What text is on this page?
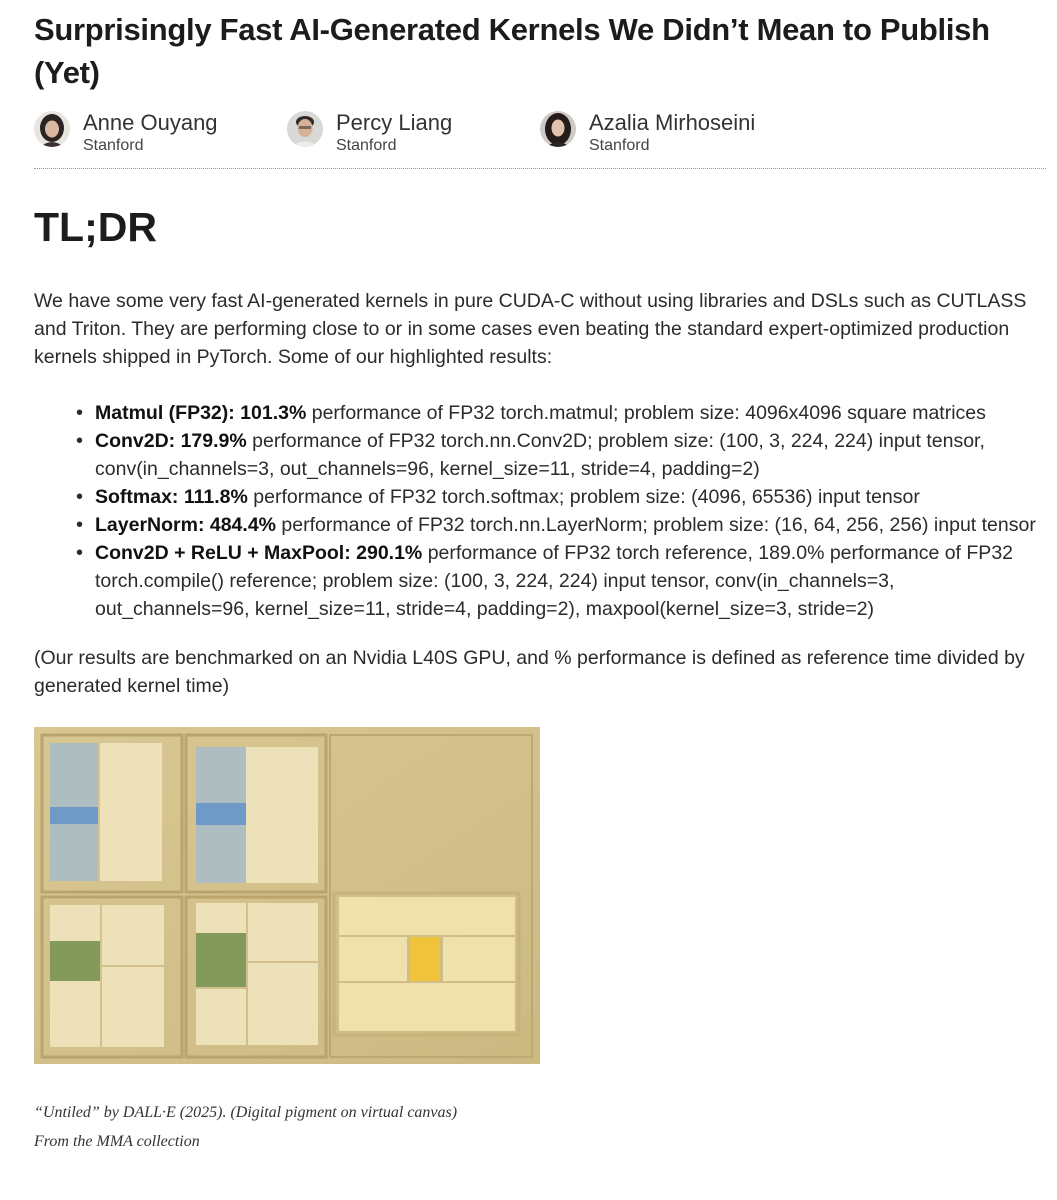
Surprisingly Fast AI-Generated Kernels We Didn’t Mean to Publish (Yet)
Anne Ouyang
Stanford
Percy Liang
Stanford
Azalia Mirhoseini
Stanford
TL;DR

We have some very fast AI-generated kernels in pure CUDA-C without using libraries and DSLs such as CUTLASS and Triton. They are performing close to or in some cases even beating the standard expert-optimized production kernels shipped in PyTorch. Some of our highlighted results:

• Matmul (FP32): 101.3% performance of FP32 torch.matmul; problem size: 4096x4096 square matrices
• Conv2D: 179.9% performance of FP32 torch.nn.Conv2D; problem size: (100, 3, 224, 224) input tensor, conv(in_channels=3, out_channels=96, kernel_size=11, stride=4, padding=2)
• Softmax: 111.8% performance of FP32 torch.softmax; problem size: (4096, 65536) input tensor
• LayerNorm: 484.4% performance of FP32 torch.nn.LayerNorm; problem size: (16, 64, 256, 256) input tensor
• Conv2D + ReLU + MaxPool: 290.1% performance of FP32 torch reference, 189.0% performance of FP32 torch.compile() reference; problem size: (100, 3, 224, 224) input tensor, conv(in_channels=3, out_channels=96, kernel_size=11, stride=4, padding=2), maxpool(kernel_size=3, stride=2)

(Our results are benchmarked on an Nvidia L40S GPU, and % performance is defined as reference time divided by generated kernel time)

“Untiled” by DALL·E (2025). (Digital pigment on virtual canvas)
From the MMA collection
